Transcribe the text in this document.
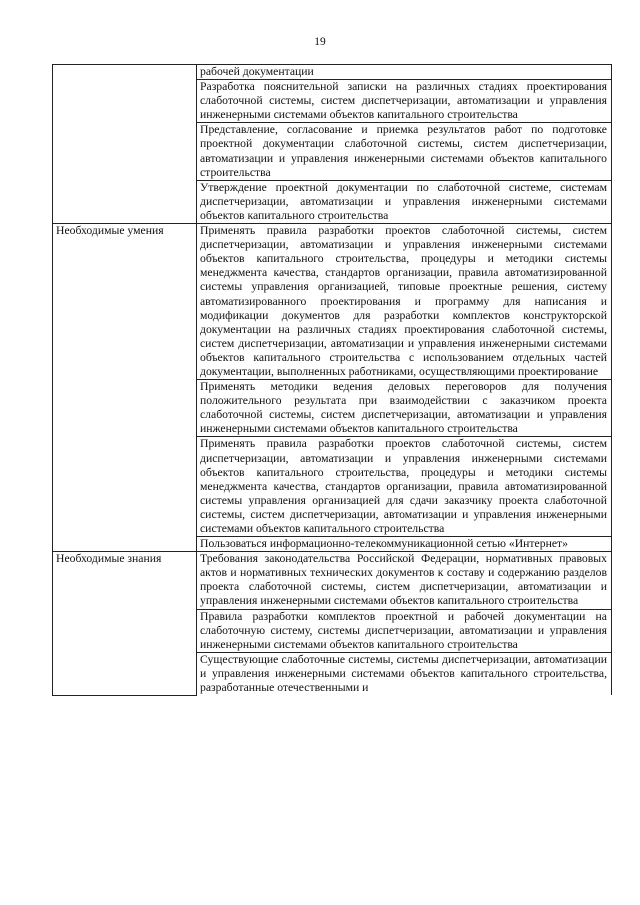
19
	рабочей документации
	Разработка пояснительной записки на различных стадиях проектирования слаботочной системы, систем диспетчеризации, автоматизации и управления инженерными системами объектов капитального строительства
	Представление, согласование и приемка результатов работ по подготовке проектной документации слаботочной системы, систем диспетчеризации, автоматизации и управления инженерными системами объектов капитального строительства
	Утверждение проектной документации по слаботочной системе, системам диспетчеризации, автоматизации и управления инженерными системами объектов капитального строительства
Необходимые умения	Применять правила разработки проектов слаботочной системы, систем диспетчеризации, автоматизации и управления инженерными системами объектов капитального строительства, процедуры и методики системы менеджмента качества, стандартов организации, правила автоматизированной системы управления организацией, типовые проектные решения, систему автоматизированного проектирования и программу для написания и модификации документов для разработки комплектов конструкторской документации на различных стадиях проектирования слаботочной системы, систем диспетчеризации, автоматизации и управления инженерными системами объектов капитального строительства с использованием отдельных частей документации, выполненных работниками, осуществляющими проектирование
	Применять методики ведения деловых переговоров для получения положительного результата при взаимодействии с заказчиком проекта слаботочной системы, систем диспетчеризации, автоматизации и управления инженерными системами объектов капитального строительства
	Применять правила разработки проектов слаботочной системы, систем диспетчеризации, автоматизации и управления инженерными системами объектов капитального строительства, процедуры и методики системы менеджмента качества, стандартов организации, правила автоматизированной системы управления организацией для сдачи заказчику проекта слаботочной системы, систем диспетчеризации, автоматизации и управления инженерными системами объектов капитального строительства
	Пользоваться информационно-телекоммуникационной сетью «Интернет»
Необходимые знания	Требования законодательства Российской Федерации, нормативных правовых актов и нормативных технических документов к составу и содержанию разделов проекта слаботочной системы, систем диспетчеризации, автоматизации и управления инженерными системами объектов капитального строительства
	Правила разработки комплектов проектной и рабочей документации на слаботочную систему, системы диспетчеризации, автоматизации и управления инженерными системами объектов капитального строительства
	Существующие слаботочные системы, системы диспетчеризации, автоматизации и управления инженерными системами объектов капитального строительства, разработанные отечественными и
